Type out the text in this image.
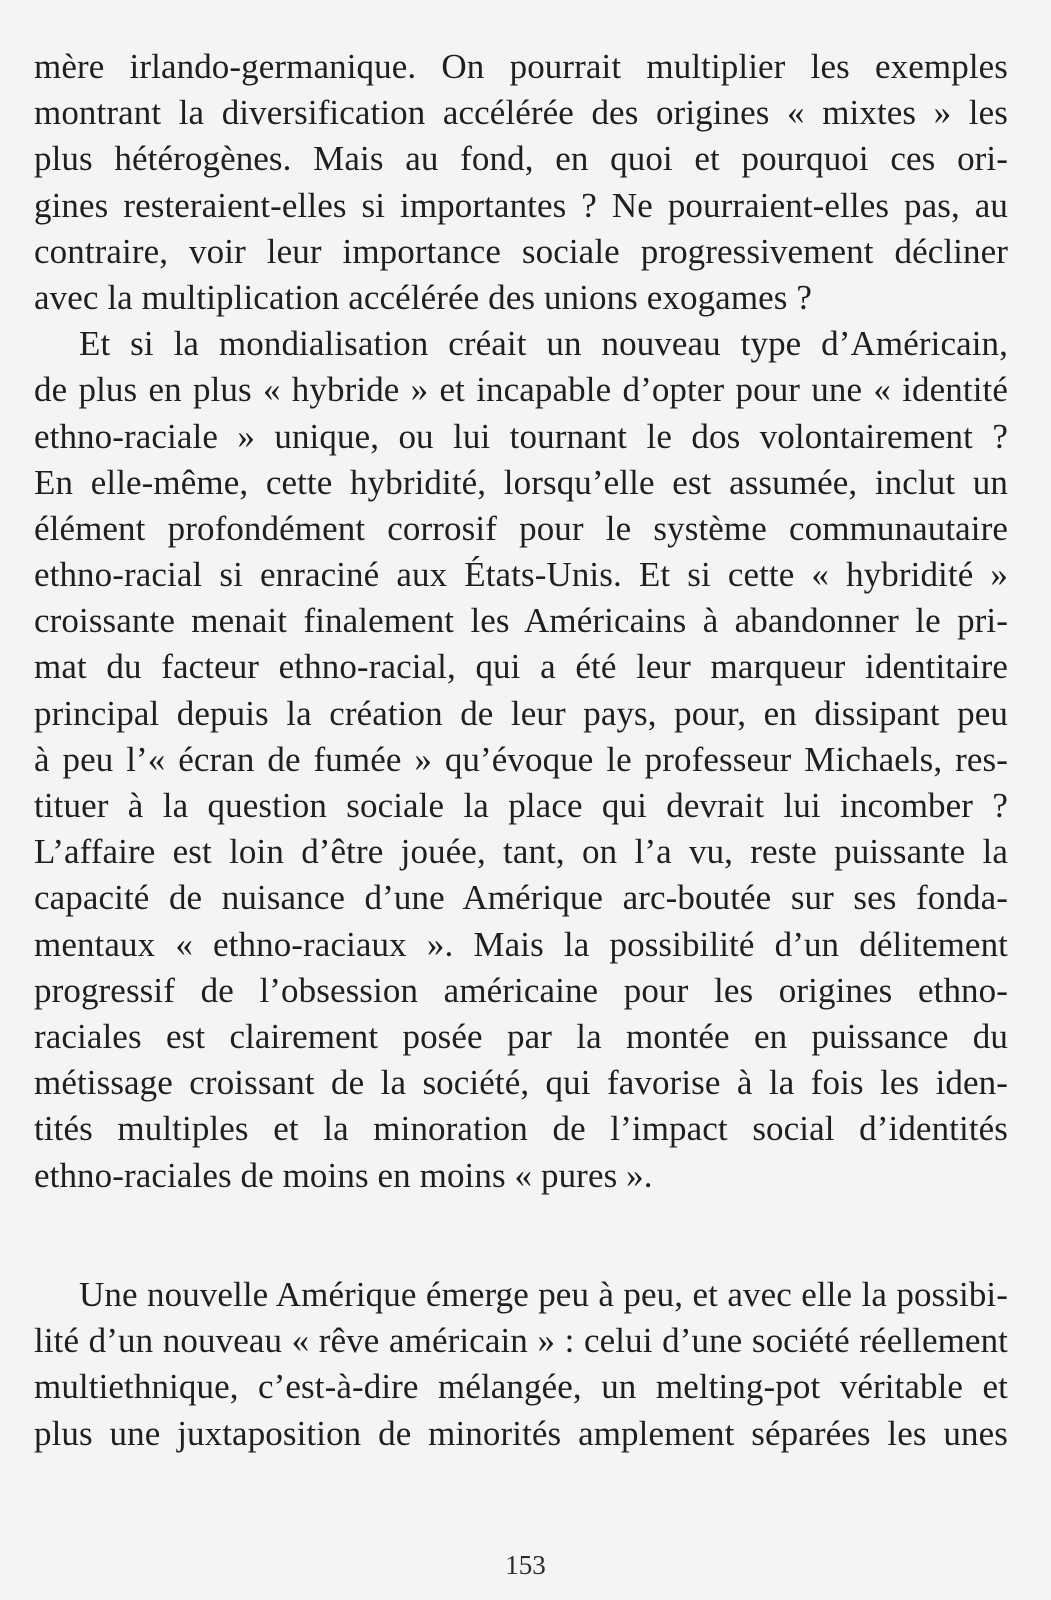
mère irlando-germanique. On pourrait multiplier les exemples
montrant la diversification accélérée des origines « mixtes » les
plus hétérogènes. Mais au fond, en quoi et pourquoi ces ori-
gines resteraient-elles si importantes ? Ne pourraient-elles pas, au
contraire, voir leur importance sociale progressivement décliner
avec la multiplication accélérée des unions exogames ?
Et si la mondialisation créait un nouveau type d’Américain,
de plus en plus « hybride » et incapable d’opter pour une « identité
ethno-raciale » unique, ou lui tournant le dos volontairement ?
En elle-même, cette hybridité, lorsqu’elle est assumée, inclut un
élément profondément corrosif pour le système communautaire
ethno-racial si enraciné aux États-Unis. Et si cette « hybridité »
croissante menait finalement les Américains à abandonner le pri-
mat du facteur ethno-racial, qui a été leur marqueur identitaire
principal depuis la création de leur pays, pour, en dissipant peu
à peu l’« écran de fumée » qu’évoque le professeur Michaels, res-
tituer à la question sociale la place qui devrait lui incomber ?
L’affaire est loin d’être jouée, tant, on l’a vu, reste puissante la
capacité de nuisance d’une Amérique arc-boutée sur ses fonda-
mentaux « ethno-raciaux ». Mais la possibilité d’un délitement
progressif de l’obsession américaine pour les origines ethno-
raciales est clairement posée par la montée en puissance du
métissage croissant de la société, qui favorise à la fois les iden-
tités multiples et la minoration de l’impact social d’identités
ethno-raciales de moins en moins « pures ».
Une nouvelle Amérique émerge peu à peu, et avec elle la possibi-
lité d’un nouveau « rêve américain » : celui d’une société réellement
multiethnique, c’est-à-dire mélangée, un melting-pot véritable et
plus une juxtaposition de minorités amplement séparées les unes
153
